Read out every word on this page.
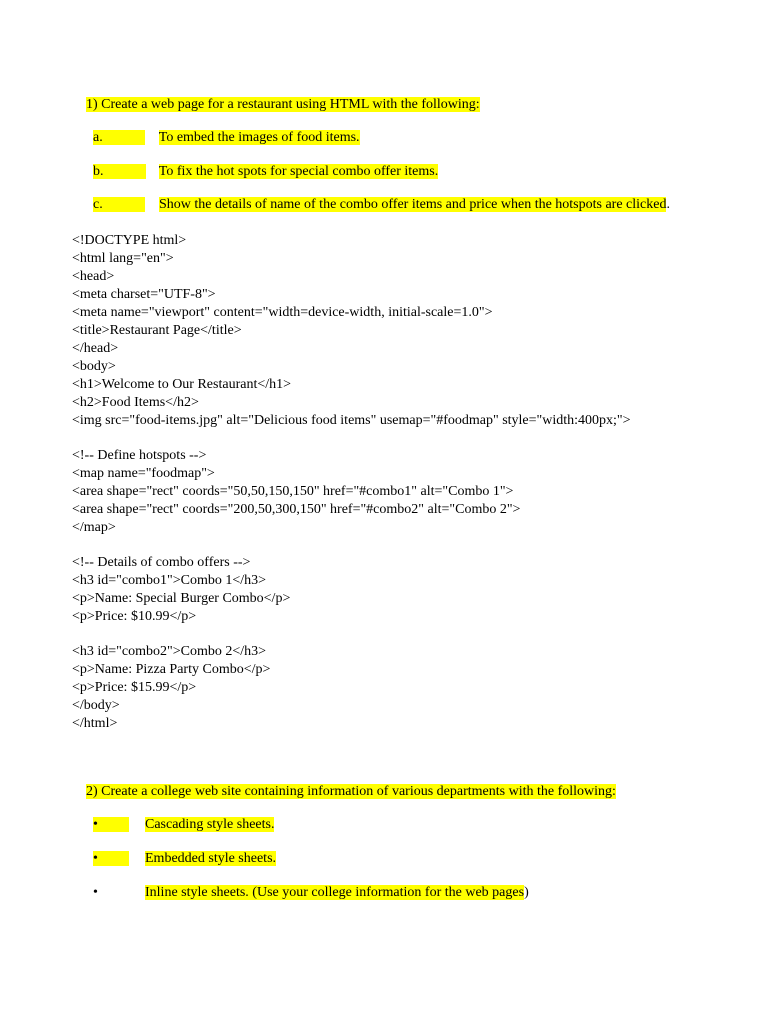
1) Create a web page for a restaurant using HTML with the following:

a.
	To embed the images of food items.

b.
	To fix the hot spots for special combo offer items.

c.
	Show the details of name of the combo offer items and price when the hotspots are clicked.

<!DOCTYPE html>
<html lang="en">
<head>
<meta charset="UTF-8">
<meta name="viewport" content="width=device-width, initial-scale=1.0">
<title>Restaurant Page</title>
</head>
<body>
<h1>Welcome to Our Restaurant</h1>
<h2>Food Items</h2>
<img src="food-items.jpg" alt="Delicious food items" usemap="#foodmap" style="width:400px;">
<!-- Define hotspots -->
<map name="foodmap">
<area shape="rect" coords="50,50,150,150" href="#combo1" alt="Combo 1">
<area shape="rect" coords="200,50,300,150" href="#combo2" alt="Combo 2">
</map>
<!-- Details of combo offers -->
<h3 id="combo1">Combo 1</h3>
<p>Name: Special Burger Combo</p>
<p>Price: $10.99</p>
<h3 id="combo2">Combo 2</h3>
<p>Name: Pizza Party Combo</p>
<p>Price: $15.99</p>
</body>
</html>

2) Create a college web site containing information of various departments with the following:

•
	Cascading style sheets.

•
	Embedded style sheets.

•
	Inline style sheets. (Use your college information for the web pages)
